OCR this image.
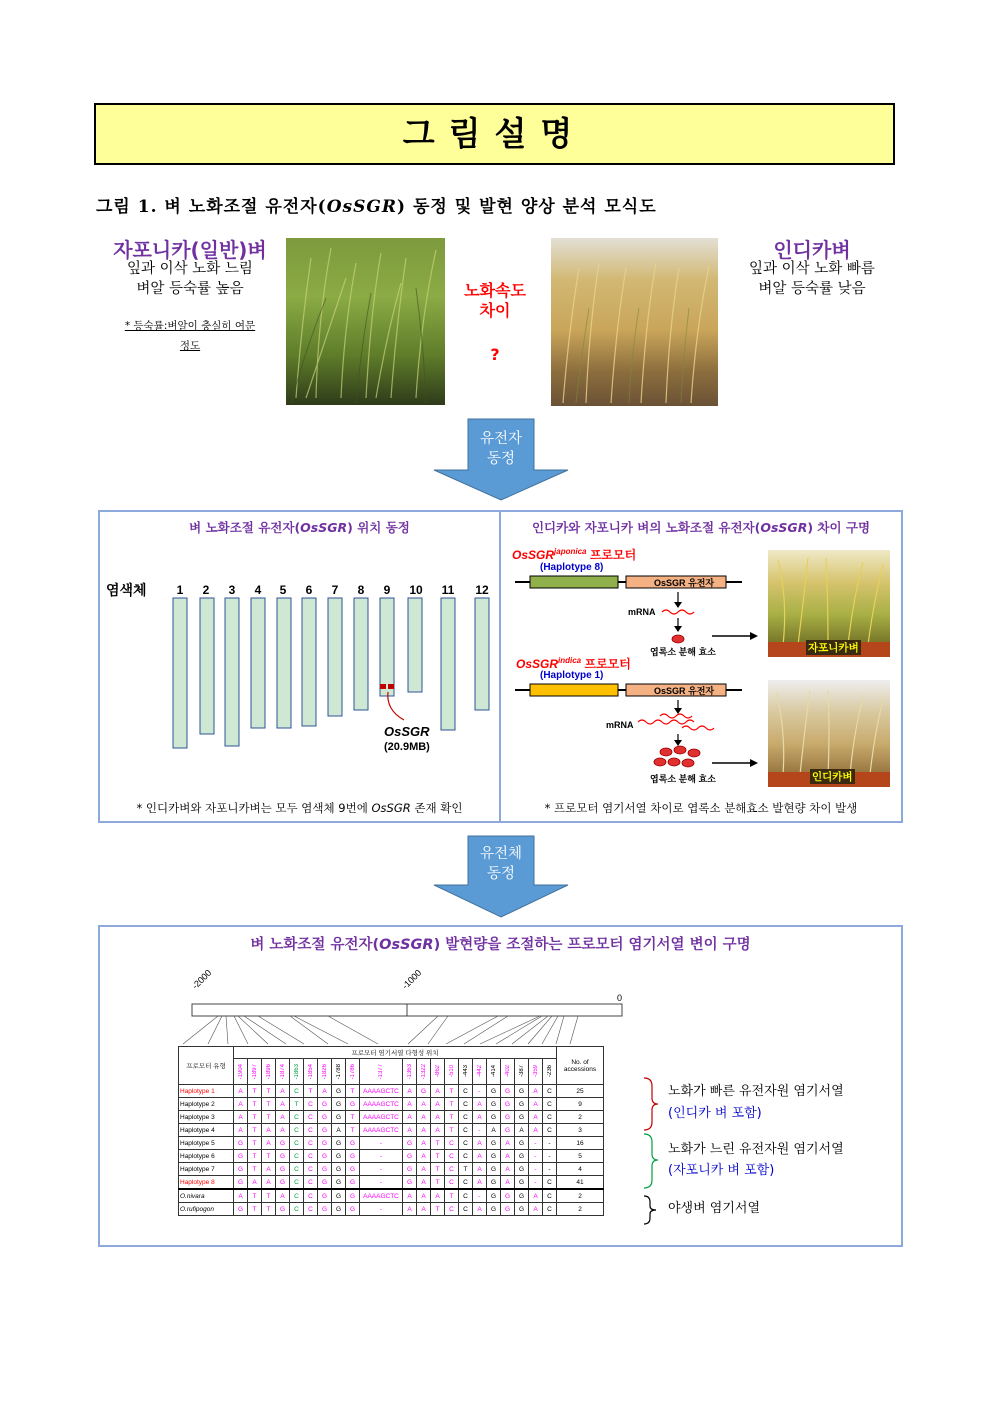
그림설명
그림 1. 벼 노화조절 유전자(OsSGR) 동정 및 발현 양상 분석 모식도
자포니카(일반)벼
잎과 이삭 노화 느림
벼알 등숙률 높음
* 등숙률:벼알이 충실히 여문
정도
노화속도
차이
?
인디카벼
잎과 이삭 노화 빠름
벼알 등숙률 낮음
유전자
동정
벼 노화조절 유전자(OsSGR) 위치 동정
염색체	1 2 3 4 5 6 7 8 9 10 11 12
OsSGR
(20.9MB)
* 인디카벼와 자포니카벼는 모두 염색체 9번에 OsSGR 존재 확인
인디카와 자포니카 벼의 노화조절 유전자(OsSGR) 차이 구명
OsSGR$^{japonica}$ 프로모터
(Haplotype 8)
OsSGR 유전자
mRNA
엽록소 분해 효소	자포니카벼
OsSGR$^{indica}$ 프로모터
(Haplotype 1)
OsSGR 유전자
mRNA
엽록소 분해 효소	인디카벼
* 프로모터 염기서열 차이로 엽록소 분해효소 발현량 차이 발생
유전체
동정
벼 노화조절 유전자(OsSGR) 발현량을 조절하는 프로모터 염기서열 변이 구명
-2000	-1000
0
프로모터 유형	프로모터 염기서열 다형성 위치																					No. of accessions

	-1904	-1897	-1896	-1874	-1863	-1854	-1826	-1788	-1786	-1377	-1363	-1322	-862	-510	-443	-442	-414	-402	-387	-359	-236	

Haplotype 1	A	T	T	A	C	T	A	G	T	AAAAGCTC	A	G	A	T	C	-	G	G	G	A	C	25
Haplotype 2	A	T	T	A	T	C	G	G	G	AAAAGCTC	A	A	A	T	C	A	G	G	G	A	C	9
Haplotype 3	A	T	T	A	C	C	G	G	T	AAAAGCTC	A	A	A	T	C	A	G	G	G	A	C	2
Haplotype 4	A	T	A	A	C	C	G	A	T	AAAAGCTC	A	A	A	T	C	-	A	G	A	A	C	3
Haplotype 5	G	T	A	G	C	C	G	G	G	-	G	A	T	C	C	A	G	A	G	-	-	16
Haplotype 6	G	T	T	G	C	C	G	G	G	-	G	A	T	C	C	A	G	A	G	-	-	5
Haplotype 7	G	T	A	G	C	C	G	G	G	-	G	A	T	C	T	A	G	A	G	-	-	4
Haplotype 8	G	A	A	G	C	C	G	G	G	-	G	A	T	C	C	A	G	A	G	-	C	41
O.nivara	A	T	T	A	C	C	G	G	G	AAAAGCTC	A	A	A	T	C	-	G	G	G	A	C	2
O.rufipogon	G	T	T	G	C	C	G	G	G	-	A	A	T	C	C	A	G	G	G	A	C	2
노화가 빠른 유전자원 염기서열
(인디카 벼 포함)
노화가 느린 유전자원 염기서열
(자포니카 벼 포함)
야생벼 염기서열
